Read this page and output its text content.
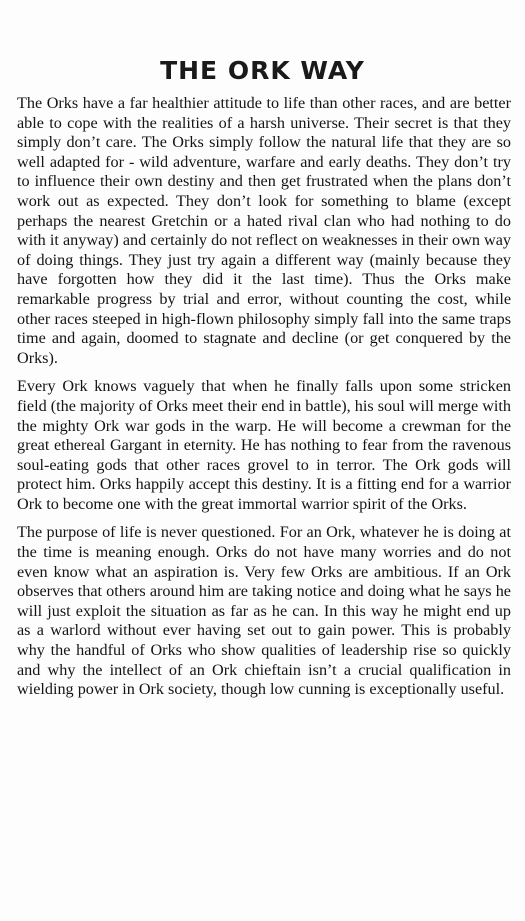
THE ORK WAY

The Orks have a far healthier attitude to life than other races, and are better able to cope with the realities of a harsh universe. Their secret is that they simply don’t care. The Orks simply follow the natural life that they are so well adapted for - wild adventure, warfare and early deaths. They don’t try to influence their own destiny and then get frustrated when the plans don’t work out as expected. They don’t look for something to blame (except perhaps the nearest Gretchin or a hated rival clan who had nothing to do with it anyway) and certainly do not reflect on weaknesses in their own way of doing things. They just try again a different way (mainly because they have forgotten how they did it the last time). Thus the Orks make remarkable progress by trial and error, without counting the cost, while other races steeped in high-flown philosophy simply fall into the same traps time and again, doomed to stagnate and decline (or get conquered by the Orks).

Every Ork knows vaguely that when he finally falls upon some stricken field (the majority of Orks meet their end in battle), his soul will merge with the mighty Ork war gods in the warp. He will become a crewman for the great ethereal Gargant in eternity. He has nothing to fear from the ravenous soul-eating gods that other races grovel to in terror. The Ork gods will protect him. Orks happily accept this destiny. It is a fitting end for a warrior Ork to become one with the great immortal warrior spirit of the Orks.

The purpose of life is never questioned. For an Ork, whatever he is doing at the time is meaning enough. Orks do not have many worries and do not even know what an aspiration is. Very few Orks are ambitious. If an Ork observes that others around him are taking notice and doing what he says he will just exploit the situation as far as he can. In this way he might end up as a warlord without ever having set out to gain power. This is probably why the handful of Orks who show qualities of leadership rise so quickly and why the intellect of an Ork chieftain isn’t a crucial qualification in wielding power in Ork society, though low cunning is exceptionally useful.
